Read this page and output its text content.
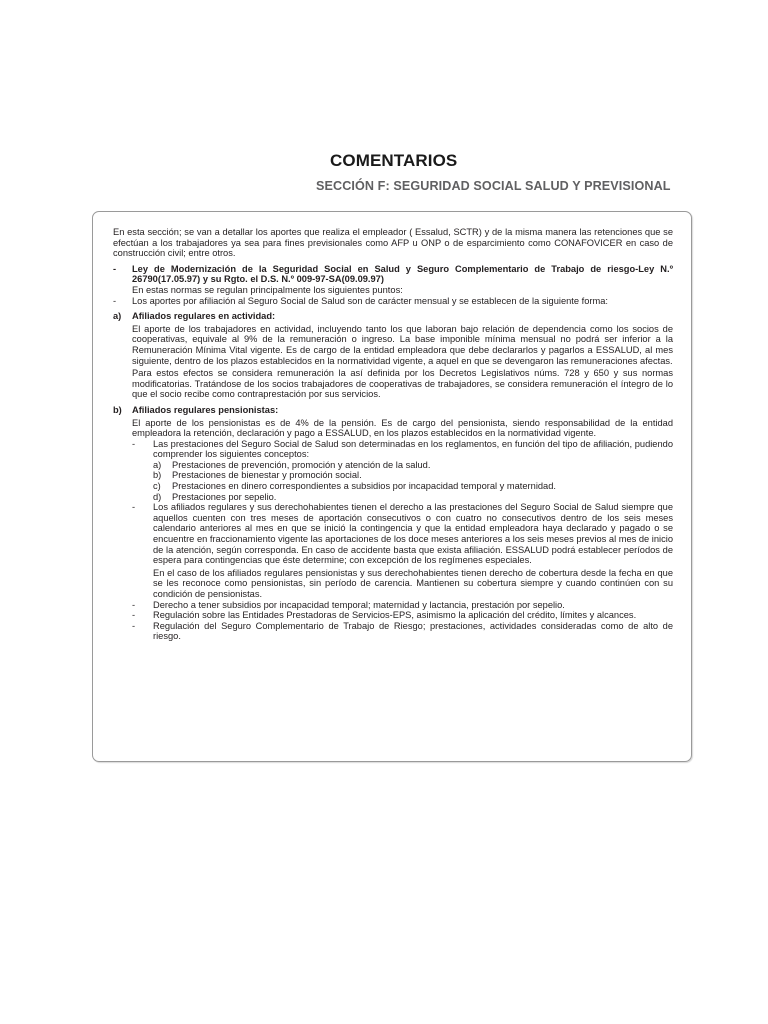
COMENTARIOS
SECCIÓN F: SEGURIDAD SOCIAL SALUD Y PREVISIONAL

En esta sección; se van a detallar los aportes que realiza el empleador ( Essalud, SCTR) y de la misma manera las retenciones que se efectúan a los trabajadores ya sea para fines previsionales como AFP u ONP o de esparcimiento como CONAFOVICER en caso de construcción civil; entre otros.

-	Ley de Modernización de la Seguridad Social en Salud y Seguro Complementario de Trabajo de riesgo-Ley N.º 26790(17.05.97) y su Rgto. el D.S. N.º 009-97-SA(09.09.97)

En estas normas se regulan principalmente los siguientes puntos:

-	Los aportes por afiliación al Seguro Social de Salud son de carácter mensual y se establecen de la siguiente forma:

a)	Afiliados regulares en actividad:

El aporte de los trabajadores en actividad, incluyendo tanto los que laboran bajo relación de dependencia como los socios de cooperativas, equivale al 9% de la remuneración o ingreso. La base imponible mínima mensual no podrá ser inferior a la Remuneración Mínima Vital vigente. Es de cargo de la entidad empleadora que debe declararlos y pagarlos a ESSALUD, al mes siguiente, dentro de los plazos establecidos en la normatividad vigente, a aquel en que se devengaron las remuneraciones afectas.

Para estos efectos se considera remuneración la así definida por los Decretos Legislativos núms. 728 y 650 y sus normas modificatorias. Tratándose de los socios trabajadores de cooperativas de trabajadores, se considera remuneración el íntegro de lo que el socio recibe como contraprestación por sus servicios.

b)	Afiliados regulares pensionistas:

El aporte de los pensionistas es de 4% de la pensión. Es de cargo del pensionista, siendo responsabilidad de la entidad empleadora la retención, declaración y pago a ESSALUD, en los plazos establecidos en la normatividad vigente.

-	Las prestaciones del Seguro Social de Salud son determinadas en los reglamentos, en función del tipo de afiliación, pudiendo comprender los siguientes conceptos:

a)	Prestaciones de prevención, promoción y atención de la salud.
b)	Prestaciones de bienestar y promoción social.
c)	Prestaciones en dinero correspondientes a subsidios por incapacidad temporal y maternidad.
d)	Prestaciones por sepelio.
-	Los afiliados regulares y sus derechohabientes tienen el derecho a las prestaciones del Seguro Social de Salud siempre que aquellos cuenten con tres meses de aportación consecutivos o con cuatro no consecutivos dentro de los seis meses calendario anteriores al mes en que se inició la contingencia y que la entidad empleadora haya declarado y pagado o se encuentre en fraccionamiento vigente las aportaciones de los doce meses anteriores a los seis meses previos al mes de inicio de la atención, según corresponda. En caso de accidente basta que exista afiliación. ESSALUD podrá establecer períodos de espera para contingencias que éste determine; con excepción de los regímenes especiales.

En el caso de los afiliados regulares pensionistas y sus derechohabientes tienen derecho de cobertura desde la fecha en que se les reconoce como pensionistas, sin período de carencia. Mantienen su cobertura siempre y cuando continúen con su condición de pensionistas.

-	Derecho a tener subsidios por incapacidad temporal; maternidad y lactancia, prestación por sepelio.

-	Regulación sobre las Entidades Prestadoras de Servicios-EPS, asimismo la aplicación del crédito, límites y alcances.

-	Regulación del Seguro Complementario de Trabajo de Riesgo; prestaciones, actividades consideradas como de alto de riesgo.
